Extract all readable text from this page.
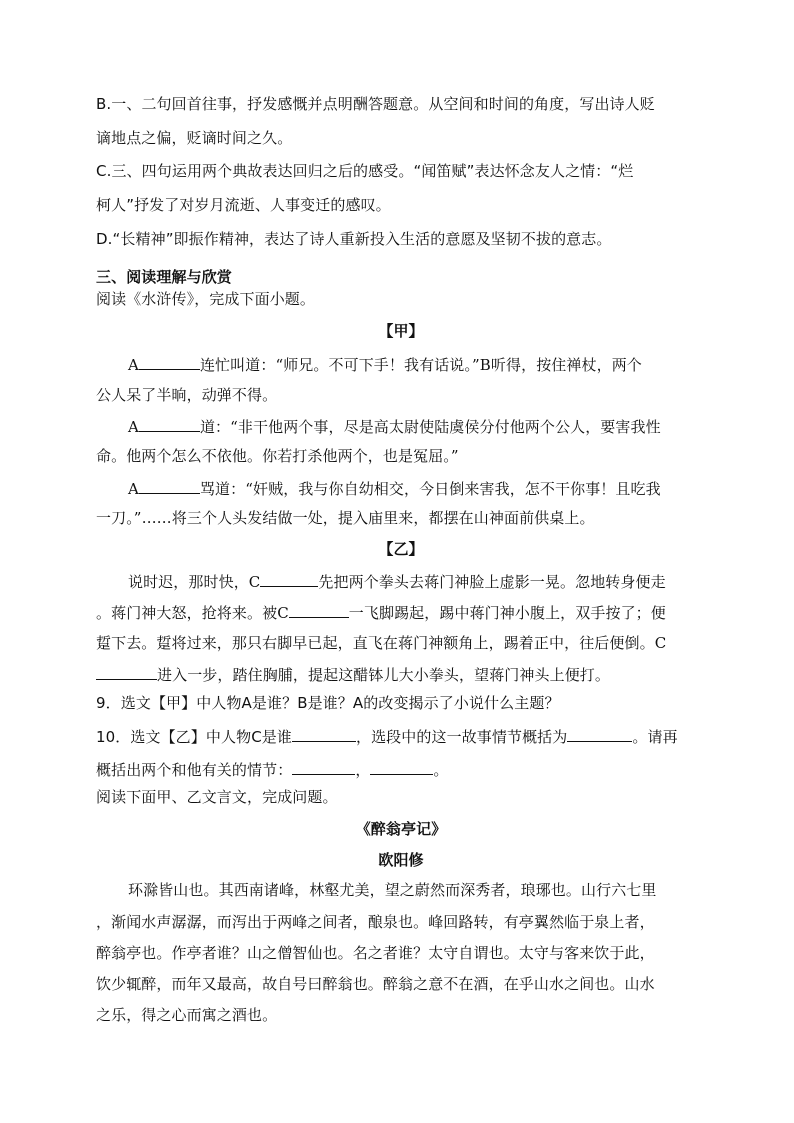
B.一、二句回首往事，抒发感慨并点明酬答题意。从空间和时间的角度，写出诗人贬
谪地点之偏，贬谪时间之久。
C.三、四句运用两个典故表达回归之后的感受。“闻笛赋”表达怀念友人之情：“烂
柯人”抒发了对岁月流逝、人事变迁的感叹。
D.“长精神”即振作精神，表达了诗人重新投入生活的意愿及坚韧不拔的意志。
三、阅读理解与欣赏
阅读《水浒传》，完成下面小题。
【甲】
A	连忙叫道：“师兄。不可下手！我有话说。”B听得，按住禅杖，两个
公人呆了半晌，动弹不得。
A	道：“非干他两个事，尽是高太尉使陆虞侯分付他两个公人，要害我性
命。他两个怎么不依他。你若打杀他两个，也是冤屈。”
A	骂道：“奸贼，我与你自幼相交，今日倒来害我，怎不干你事！且吃我
一刀。”……将三个人头发结做一处，提入庙里来，都摆在山神面前供桌上。
【乙】
说时迟，那时快，C	先把两个拳头去蒋门神脸上虚影一晃。忽地转身便走
。蒋门神大怒，抢将来。被C	一飞脚踢起，踢中蒋门神小腹上，双手按了；便
踅下去。踅将过来，那只右脚早已起，直飞在蒋门神额角上，踢着正中，往后便倒。C
进入一步，踏住胸脯，提起这醋钵儿大小拳头，望蒋门神头上便打。
9．选文【甲】中人物A是谁？B是谁？A的改变揭示了小说什么主题？
10．选文【乙】中人物C是谁	，选段中的这一故事情节概括为	。请再
概括出两个和他有关的情节：	，	。
阅读下面甲、乙文言文，完成问题。
《醉翁亭记》
欧阳修
环滁皆山也。其西南诸峰，林壑尤美，望之蔚然而深秀者，琅琊也。山行六七里
，渐闻水声潺潺，而泻出于两峰之间者，酿泉也。峰回路转，有亭翼然临于泉上者，
醉翁亭也。作亭者谁？山之僧智仙也。名之者谁？太守自谓也。太守与客来饮于此，
饮少辄醉，而年又最高，故自号曰醉翁也。醉翁之意不在酒，在乎山水之间也。山水
之乐，得之心而寓之酒也。
